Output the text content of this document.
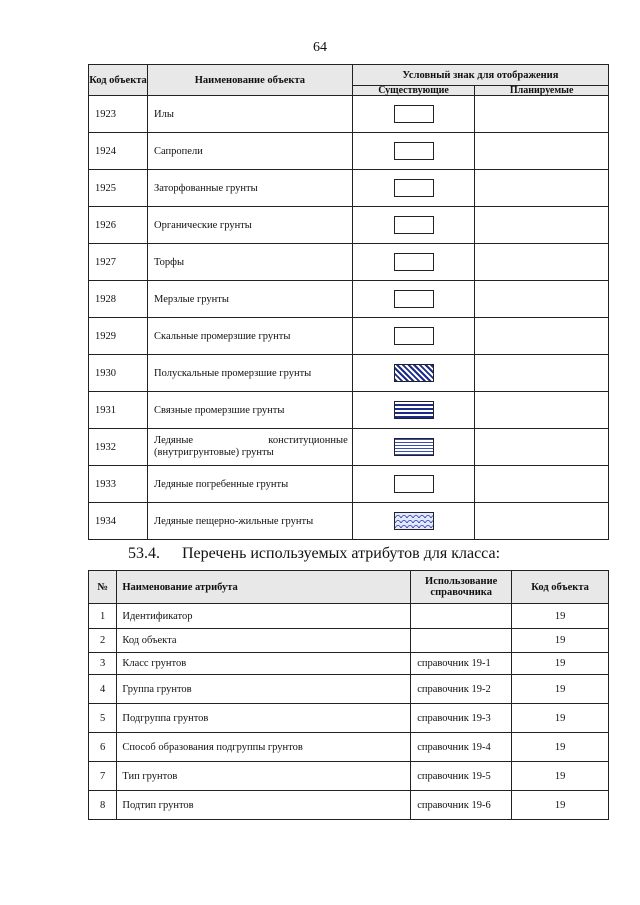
64
Код объекта	Наименование объекта	Условный знак для отображения	
		Существующие	Планируемые
1923	Илы		
1924	Сапропели		
1925	Заторфованные грунты		
1926	Органические грунты		
1927	Торфы		
1928	Мерзлые грунты		
1929	Скальные промерзшие грунты		
1930	Полускальные промерзшие грунты		
1931	Связные промерзшие грунты		
1932	Ледяные конституционные
(внутригрунтовые) грунты		

1933	Ледяные погребенные грунты		
1934	Ледяные пещерно-жильные грунты		
53.4. Перечень используемых атрибутов для класса:
№	Наименование атрибута	Использование справочника	Код объекта
1	Идентификатор		19
2	Код объекта		19
3	Класс грунтов	справочник 19-1	19
4	Группа грунтов	справочник 19-2	19
5	Подгруппа грунтов	справочник 19-3	19
6	Способ образования подгруппы грунтов	справочник 19-4	19
7	Тип грунтов	справочник 19-5	19
8	Подтип грунтов	справочник 19-6	19
